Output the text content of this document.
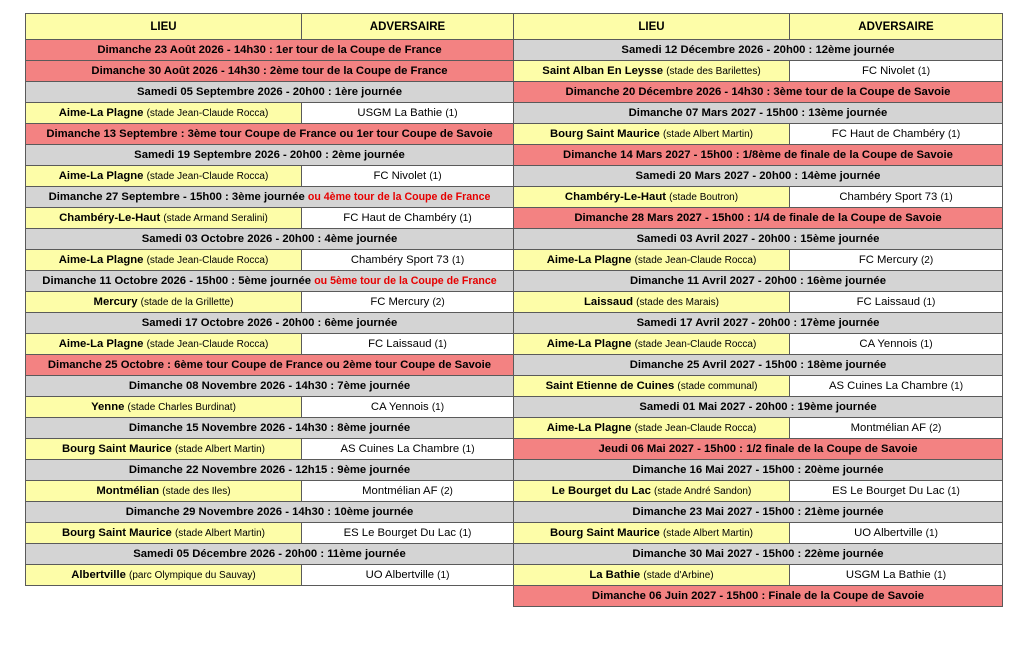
LIEU	ADVERSAIRE
Dimanche 23 Août 2026 - 14h30 : 1er tour de la Coupe de France	
Dimanche 30 Août 2026 - 14h30 : 2ème tour de la Coupe de France	
Samedi 05 Septembre 2026 - 20h00 : 1ère journée	
Aime-La Plagne (stade Jean-Claude Rocca)	USGM La Bathie (1)
Dimanche 13 Septembre : 3ème tour Coupe de France ou 1er tour Coupe de Savoie	
Samedi 19 Septembre 2026 - 20h00 : 2ème journée	
Aime-La Plagne (stade Jean-Claude Rocca)	FC Nivolet (1)
Dimanche 27 Septembre - 15h00 : 3ème journée ou 4ème tour de la Coupe de France	
Chambéry-Le-Haut (stade Armand Seralini)	FC Haut de Chambéry (1)
Samedi 03 Octobre 2026 - 20h00 : 4ème journée	
Aime-La Plagne (stade Jean-Claude Rocca)	Chambéry Sport 73 (1)
Dimanche 11 Octobre 2026 - 15h00 : 5ème journée ou 5ème tour de la Coupe de France	
Mercury (stade de la Grillette)	FC Mercury (2)
Samedi 17 Octobre 2026 - 20h00 : 6ème journée	
Aime-La Plagne (stade Jean-Claude Rocca)	FC Laissaud (1)
Dimanche 25 Octobre : 6ème tour Coupe de France ou 2ème tour Coupe de Savoie	
Dimanche 08 Novembre 2026 - 14h30 : 7ème journée	
Yenne (stade Charles Burdinat)	CA Yennois (1)
Dimanche 15 Novembre 2026 - 14h30 : 8ème journée	
Bourg Saint Maurice (stade Albert Martin)	AS Cuines La Chambre (1)
Dimanche 22 Novembre 2026 - 12h15 : 9ème journée	
Montmélian (stade des Iles)	Montmélian AF (2)
Dimanche 29 Novembre 2026 - 14h30 : 10ème journée	
Bourg Saint Maurice (stade Albert Martin)	ES Le Bourget Du Lac (1)
Samedi 05 Décembre 2026 - 20h00 : 11ème journée	
Albertville (parc Olympique du Sauvay)	UO Albertville (1)
LIEU	ADVERSAIRE
Samedi 12 Décembre 2026 - 20h00 : 12ème journée	
Saint Alban En Leysse (stade des Barilettes)	FC Nivolet (1)
Dimanche 20 Décembre 2026 - 14h30 : 3ème tour de la Coupe de Savoie	
Dimanche 07 Mars 2027 - 15h00 : 13ème journée	
Bourg Saint Maurice (stade Albert Martin)	FC Haut de Chambéry (1)
Dimanche 14 Mars 2027 - 15h00 : 1/8ème de finale de la Coupe de Savoie	
Samedi 20 Mars 2027 - 20h00 : 14ème journée	
Chambéry-Le-Haut (stade Boutron)	Chambéry Sport 73 (1)
Dimanche 28 Mars 2027 - 15h00 : 1/4 de finale de la Coupe de Savoie	
Samedi 03 Avril 2027 - 20h00 : 15ème journée	
Aime-La Plagne (stade Jean-Claude Rocca)	FC Mercury (2)
Dimanche 11 Avril 2027 - 20h00 : 16ème journée	
Laissaud (stade des Marais)	FC Laissaud (1)
Samedi 17 Avril 2027 - 20h00 : 17ème journée	
Aime-La Plagne (stade Jean-Claude Rocca)	CA Yennois (1)
Dimanche 25 Avril 2027 - 15h00 : 18ème journée	
Saint Etienne de Cuines (stade communal)	AS Cuines La Chambre (1)
Samedi 01 Mai 2027 - 20h00 : 19ème journée	
Aime-La Plagne (stade Jean-Claude Rocca)	Montmélian AF (2)
Jeudi 06 Mai 2027 - 15h00 : 1/2 finale de la Coupe de Savoie	
Dimanche 16 Mai 2027 - 15h00 : 20ème journée	
Le Bourget du Lac (stade André Sandon)	ES Le Bourget Du Lac (1)
Dimanche 23 Mai 2027 - 15h00 : 21ème journée	
Bourg Saint Maurice (stade Albert Martin)	UO Albertville (1)
Dimanche 30 Mai 2027 - 15h00 : 22ème journée	
La Bathie (stade d'Arbine)	USGM La Bathie (1)
Dimanche 06 Juin 2027 - 15h00 : Finale de la Coupe de Savoie	
